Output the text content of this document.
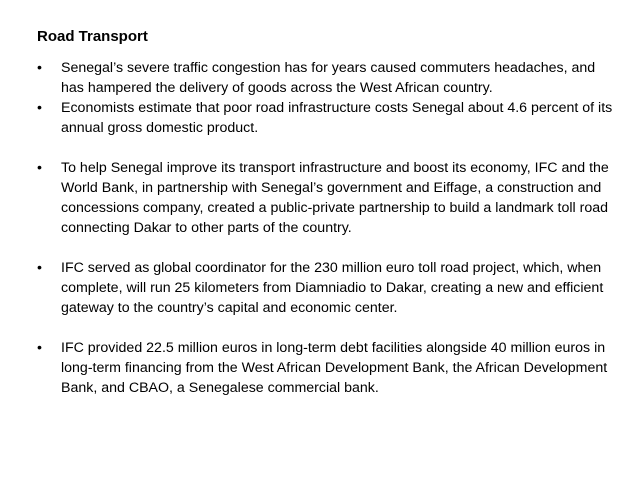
Road Transport
•	Senegal’s severe traffic congestion has for years caused commuters headaches, and has hampered the delivery of goods across the West African country.
•	Economists estimate that poor road infrastructure costs Senegal about 4.6 percent of its annual gross domestic product.
•	To help Senegal improve its transport infrastructure and boost its economy, IFC and the World Bank, in partnership with Senegal’s government and Eiffage, a construction and concessions company, created a public-private partnership to build a landmark toll road connecting Dakar to other parts of the country.
•	IFC served as global coordinator for the 230 million euro toll road project, which, when complete, will run 25 kilometers from Diamniadio to Dakar, creating a new and efficient gateway to the country’s capital and economic center.
•	IFC provided 22.5 million euros in long-term debt facilities alongside 40 million euros in long-term financing from the West African Development Bank, the African Development Bank, and CBAO, a Senegalese commercial bank.
